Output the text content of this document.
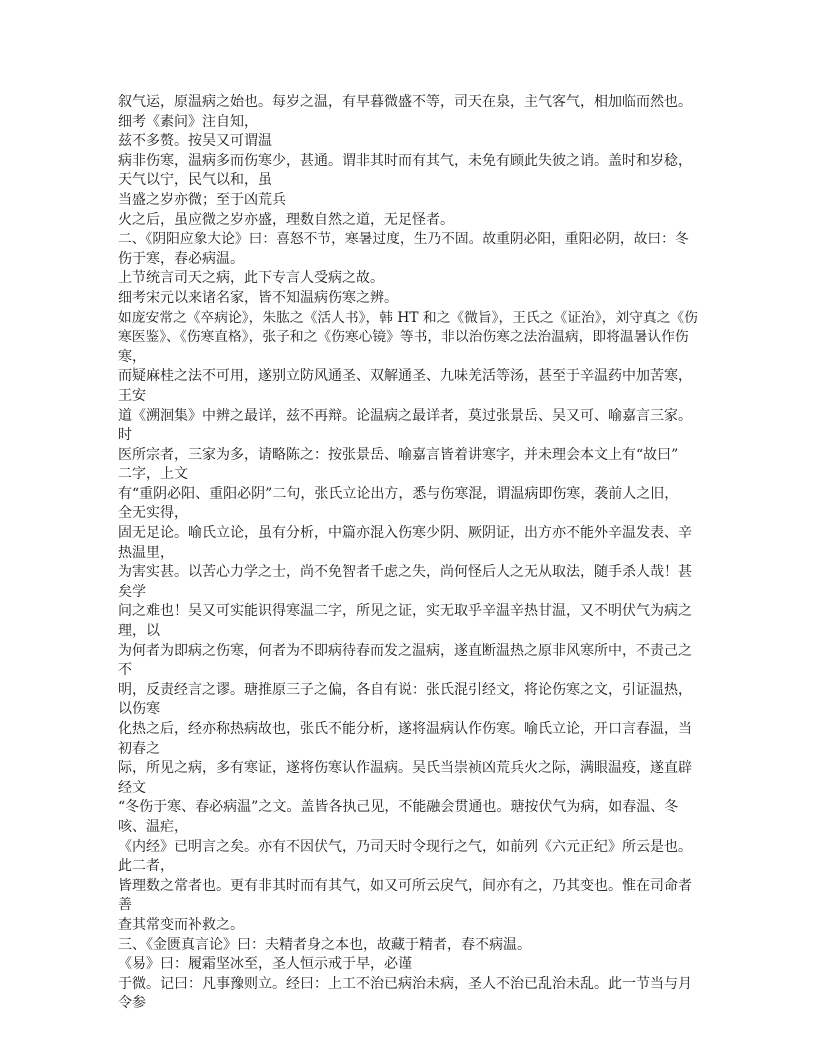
叙气运，原温病之始也。每岁之温，有早暮微盛不等，司天在泉，主气客气，相加临而然也。
细考《素问》注自知，
兹不多赘。按吴又可谓温
病非伤寒，温病多而伤寒少，甚通。谓非其时而有其气，未免有顾此失彼之诮。盖时和岁稔，
天气以宁，民气以和，虽
当盛之岁亦微；至于凶荒兵
火之后，虽应微之岁亦盛，理数自然之道，无足怪者。
二、《阴阳应象大论》曰：喜怒不节，寒暑过度，生乃不固。故重阴必阳，重阳必阴，故曰：冬
伤于寒，春必病温。
上节统言司天之病，此下专言人受病之故。
细考宋元以来诸名家，皆不知温病伤寒之辨。
如庞安常之《卒病论》，朱肱之《活人书》，韩 HT 和之《微旨》，王氏之《证治》，刘守真之《伤
寒医鉴》、《伤寒直格》，张子和之《伤寒心镜》等书，非以治伤寒之法治温病，即将温暑认作伤
寒，
而疑麻桂之法不可用，遂别立防风通圣、双解通圣、九味羌活等汤，甚至于辛温药中加苦寒，
王安
道《溯洄集》中辨之最详，兹不再辩。论温病之最详者，莫过张景岳、吴又可、喻嘉言三家。
时
医所宗者，三家为多，请略陈之：按张景岳、喻嘉言皆着讲寒字，并未理会本文上有“故曰”
二字，上文
有“重阴必阳、重阳必阴”二句，张氏立论出方，悉与伤寒混，谓温病即伤寒，袭前人之旧，
全无实得，
固无足论。喻氏立论，虽有分析，中篇亦混入伤寒少阴、厥阴证，出方亦不能外辛温发表、辛
热温里，
为害实甚。以苦心力学之士，尚不免智者千虑之失，尚何怪后人之无从取法，随手杀人哉！甚
矣学
问之难也！吴又可实能识得寒温二字，所见之证，实无取乎辛温辛热甘温，又不明伏气为病之
理，以
为何者为即病之伤寒，何者为不即病待春而发之温病，遂直断温热之原非风寒所中，不责己之
不
明，反责经言之谬。瑭推原三子之偏，各自有说：张氏混引经文，将论伤寒之文，引证温热，
以伤寒
化热之后，经亦称热病故也，张氏不能分析，遂将温病认作伤寒。喻氏立论，开口言春温，当
初春之
际，所见之病，多有寒证，遂将伤寒认作温病。吴氏当崇祯凶荒兵火之际，满眼温疫，遂直辟
经文
“冬伤于寒、春必病温”之文。盖皆各执己见，不能融会贯通也。瑭按伏气为病，如春温、冬
咳、温疟，
《内经》已明言之矣。亦有不因伏气，乃司天时令现行之气，如前列《六元正纪》所云是也。
此二者，
皆理数之常者也。更有非其时而有其气，如又可所云戾气，间亦有之，乃其变也。惟在司命者
善
查其常变而补救之。
三、《金匮真言论》曰：夫精者身之本也，故藏于精者，春不病温。
《易》曰：履霜坚冰至，圣人恒示戒于早，必谨
于微。记曰：凡事豫则立。经曰：上工不治已病治未病，圣人不治已乱治未乱。此一节当与月
令参
